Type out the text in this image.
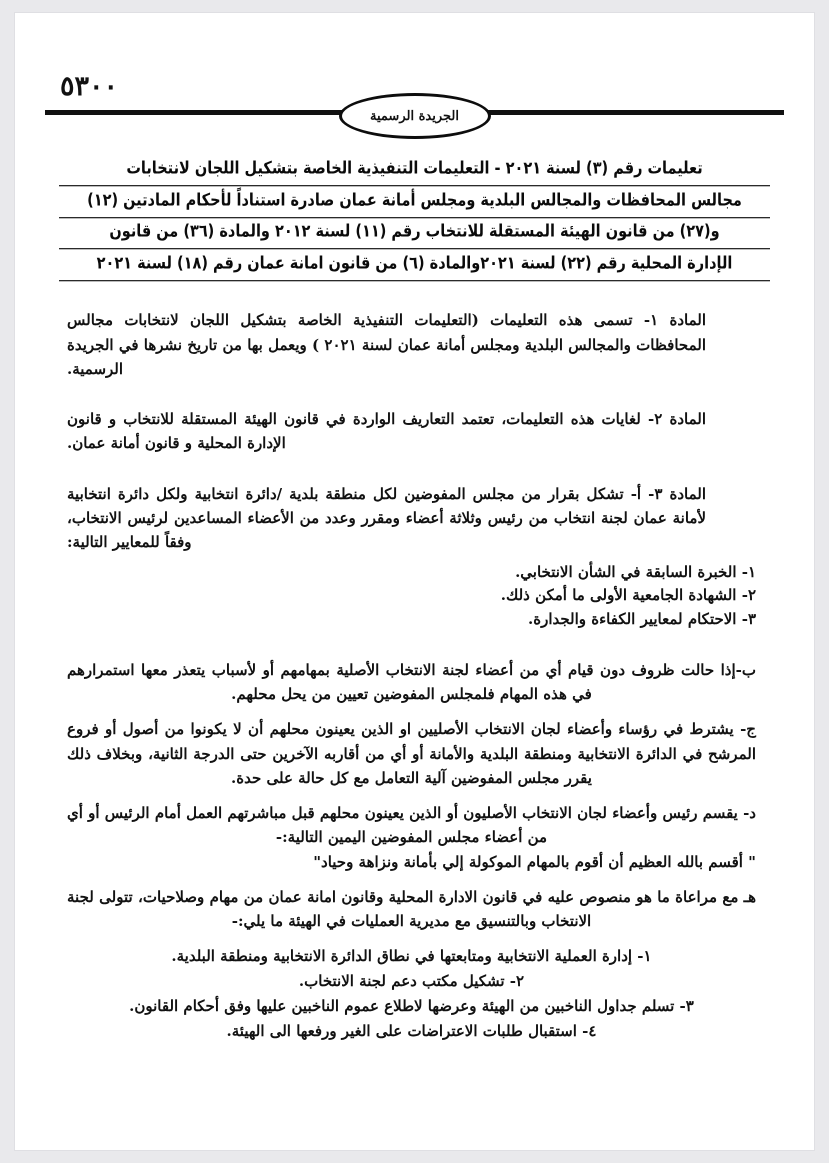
٥٣٠٠
الجريدة الرسمية
تعليمات رقم (٣) لسنة ٢٠٢١ - التعليمات التنفيذية الخاصة بتشكيل اللجان لانتخابات
مجالس المحافظات والمجالس البلدية ومجلس أمانة عمان صادرة استناداً لأحكام المادتين (١٢)
و(٢٧) من قانون الهيئة المستقلة للانتخاب رقم (١١) لسنة ٢٠١٢ والمادة (٣٦) من قانون
الإدارة المحلية رقم (٢٢) لسنة ٢٠٢١والمادة (٦) من قانون امانة عمان رقم (١٨) لسنة ٢٠٢١

المادة ١- تسمى هذه التعليمات (التعليمات التنفيذية الخاصة بتشكيل اللجان لانتخابات مجالس المحافظات والمجالس البلدية ومجلس أمانة عمان لسنة ٢٠٢١ ) ويعمل بها من تاريخ نشرها في الجريدة الرسمية.

المادة ٢- لغايات هذه التعليمات، تعتمد التعاريف الواردة في قانون الهيئة المستقلة للانتخاب و قانون الإدارة المحلية و قانون أمانة عمان.

المادة ٣- أ- تشكل بقرار من مجلس المفوضين لكل منطقة بلدية /دائرة انتخابية ولكل دائرة انتخابية لأمانة عمان لجنة انتخاب من رئيس وثلاثة أعضاء ومقرر وعدد من الأعضاء المساعدين لرئيس الانتخاب، وفقاً للمعايير التالية:

١- الخبرة السابقة في الشأن الانتخابي.
٢- الشهادة الجامعية الأولى ما أمكن ذلك.
٣- الاحتكام لمعايير الكفاءة والجدارة.

ب-إذا حالت ظروف دون قيام أي من أعضاء لجنة الانتخاب الأصلية بمهامهم أو لأسباب يتعذر معها استمرارهم في هذه المهام فلمجلس المفوضين تعيين من يحل محلهم.

ج- يشترط في رؤساء وأعضاء لجان الانتخاب الأصليين او الذين يعينون محلهم أن لا يكونوا من أصول أو فروع المرشح في الدائرة الانتخابية ومنطقة البلدية والأمانة أو أي من أقاربه الآخرين حتى الدرجة الثانية، وبخلاف ذلك يقرر مجلس المفوضين آلية التعامل مع كل حالة على حدة.

د- يقسم رئيس وأعضاء لجان الانتخاب الأصليون أو الذين يعينون محلهم قبل مباشرتهم العمل أمام الرئيس أو أي من أعضاء مجلس المفوضين اليمين التالية:-

" أقسم بالله العظيم أن أقوم بالمهام الموكولة إلي بأمانة ونزاهة وحياد"

هـ مع مراعاة ما هو منصوص عليه في قانون الادارة المحلية وقانون امانة عمان من مهام وصلاحيات، تتولى لجنة الانتخاب وبالتنسيق مع مديرية العمليات في الهيئة ما يلي:-

١- إدارة العملية الانتخابية ومتابعتها في نطاق الدائرة الانتخابية ومنطقة البلدية.
٢- تشكيل مكتب دعم لجنة الانتخاب.
٣- تسلم جداول الناخبين من الهيئة وعرضها لاطلاع عموم الناخبين عليها وفق أحكام القانون.
٤- استقبال طلبات الاعتراضات على الغير ورفعها الى الهيئة.
